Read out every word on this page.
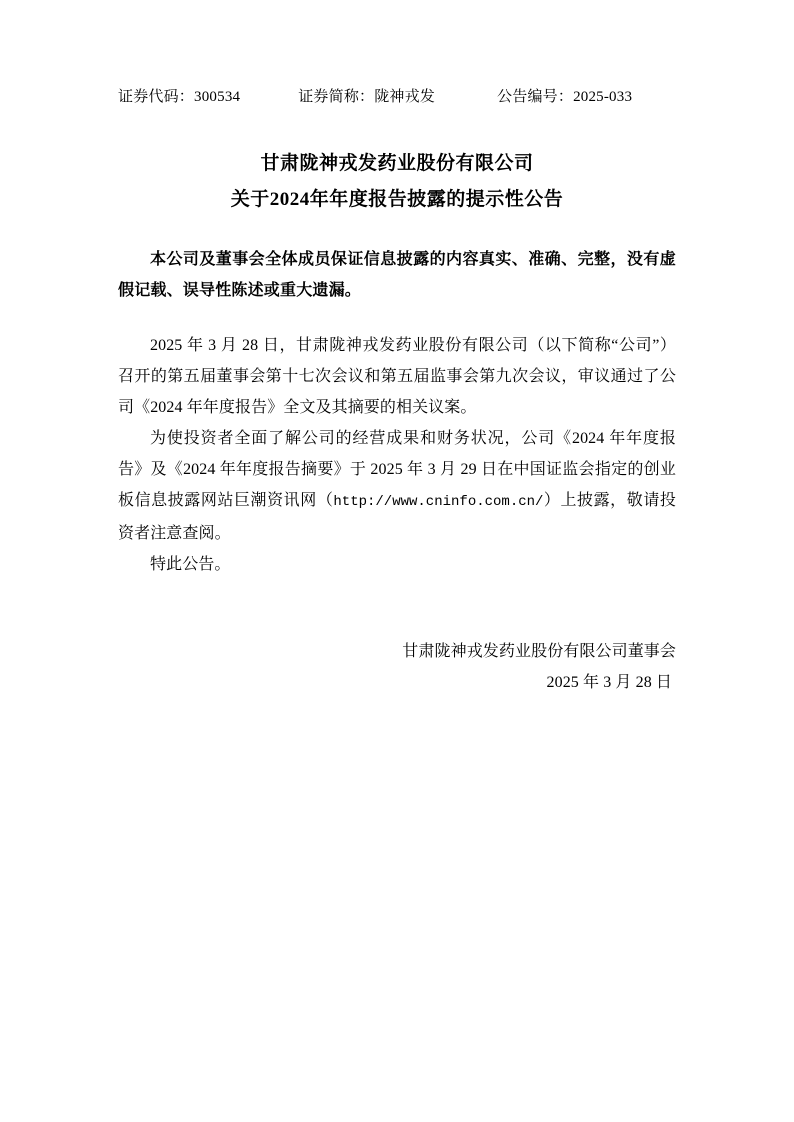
证券代码：300534	证券简称：陇神戎发	公告编号：2025-033
甘肃陇神戎发药业股份有限公司
关于2024年年度报告披露的提示性公告
本公司及董事会全体成员保证信息披露的内容真实、准确、完整，没有虚假记载、误导性陈述或重大遗漏。

2025 年 3 月 28 日，甘肃陇神戎发药业股份有限公司（以下简称“公司”）召开的第五届董事会第十七次会议和第五届监事会第九次会议，审议通过了公司《2024 年年度报告》全文及其摘要的相关议案。

为使投资者全面了解公司的经营成果和财务状况，公司《2024 年年度报告》及《2024 年年度报告摘要》于 2025 年 3 月 29 日在中国证监会指定的创业板信息披露网站巨潮资讯网（http://www.cninfo.com.cn/）上披露，敬请投资者注意查阅。

特此公告。

甘肃陇神戎发药业股份有限公司董事会
2025 年 3 月 28 日
